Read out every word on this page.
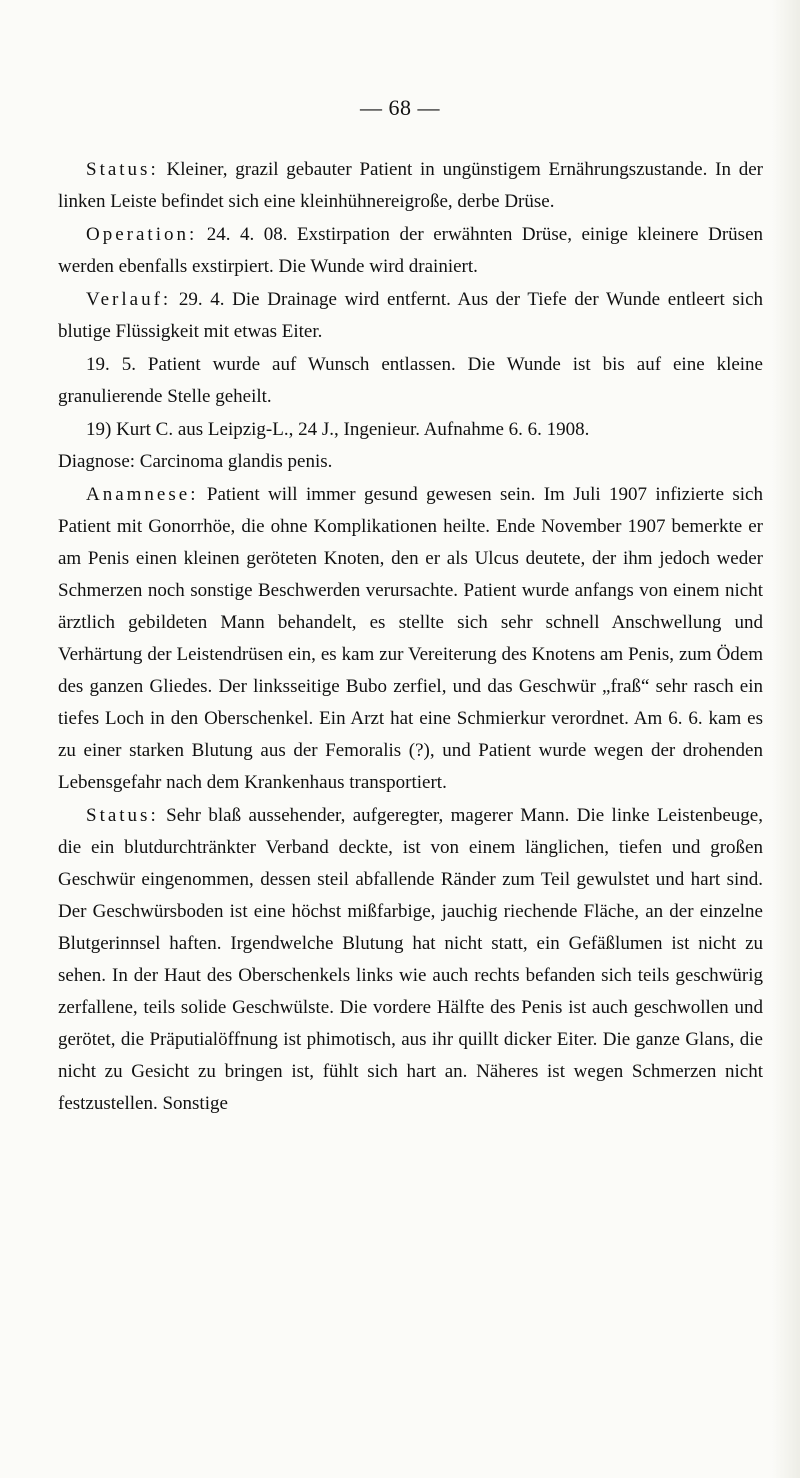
— 68 —

Status: Kleiner, grazil gebauter Patient in ungünstigem Ernährungszustande. In der linken Leiste befindet sich eine kleinhühnereigroße, derbe Drüse.

Operation: 24. 4. 08. Exstirpation der erwähnten Drüse, einige kleinere Drüsen werden ebenfalls exstirpiert. Die Wunde wird drainiert.

Verlauf: 29. 4. Die Drainage wird entfernt. Aus der Tiefe der Wunde entleert sich blutige Flüssigkeit mit etwas Eiter.

19. 5. Patient wurde auf Wunsch entlassen. Die Wunde ist bis auf eine kleine granulierende Stelle geheilt.

19) Kurt C. aus Leipzig-L., 24 J., Ingenieur. Aufnahme 6. 6. 1908.

Diagnose: Carcinoma glandis penis.

Anamnese: Patient will immer gesund gewesen sein. Im Juli 1907 infizierte sich Patient mit Gonorrhöe, die ohne Komplikationen heilte. Ende November 1907 bemerkte er am Penis einen kleinen geröteten Knoten, den er als Ulcus deutete, der ihm jedoch weder Schmerzen noch sonstige Beschwerden verursachte. Patient wurde anfangs von einem nicht ärztlich gebildeten Mann behandelt, es stellte sich sehr schnell Anschwellung und Verhärtung der Leistendrüsen ein, es kam zur Vereiterung des Knotens am Penis, zum Ödem des ganzen Gliedes. Der linksseitige Bubo zerfiel, und das Geschwür „fraß“ sehr rasch ein tiefes Loch in den Oberschenkel. Ein Arzt hat eine Schmierkur verordnet. Am 6. 6. kam es zu einer starken Blutung aus der Femoralis (?), und Patient wurde wegen der drohenden Lebensgefahr nach dem Krankenhaus transportiert.

Status: Sehr blaß aussehender, aufgeregter, magerer Mann. Die linke Leistenbeuge, die ein blutdurchtränkter Verband deckte, ist von einem länglichen, tiefen und großen Geschwür eingenommen, dessen steil abfallende Ränder zum Teil gewulstet und hart sind. Der Geschwürsboden ist eine höchst mißfarbige, jauchig riechende Fläche, an der einzelne Blutgerinnsel haften. Irgendwelche Blutung hat nicht statt, ein Gefäßlumen ist nicht zu sehen. In der Haut des Oberschenkels links wie auch rechts befanden sich teils geschwürig zerfallene, teils solide Geschwülste. Die vordere Hälfte des Penis ist auch geschwollen und gerötet, die Präputialöffnung ist phimotisch, aus ihr quillt dicker Eiter. Die ganze Glans, die nicht zu Gesicht zu bringen ist, fühlt sich hart an. Näheres ist wegen Schmerzen nicht festzustellen. Sonstige
